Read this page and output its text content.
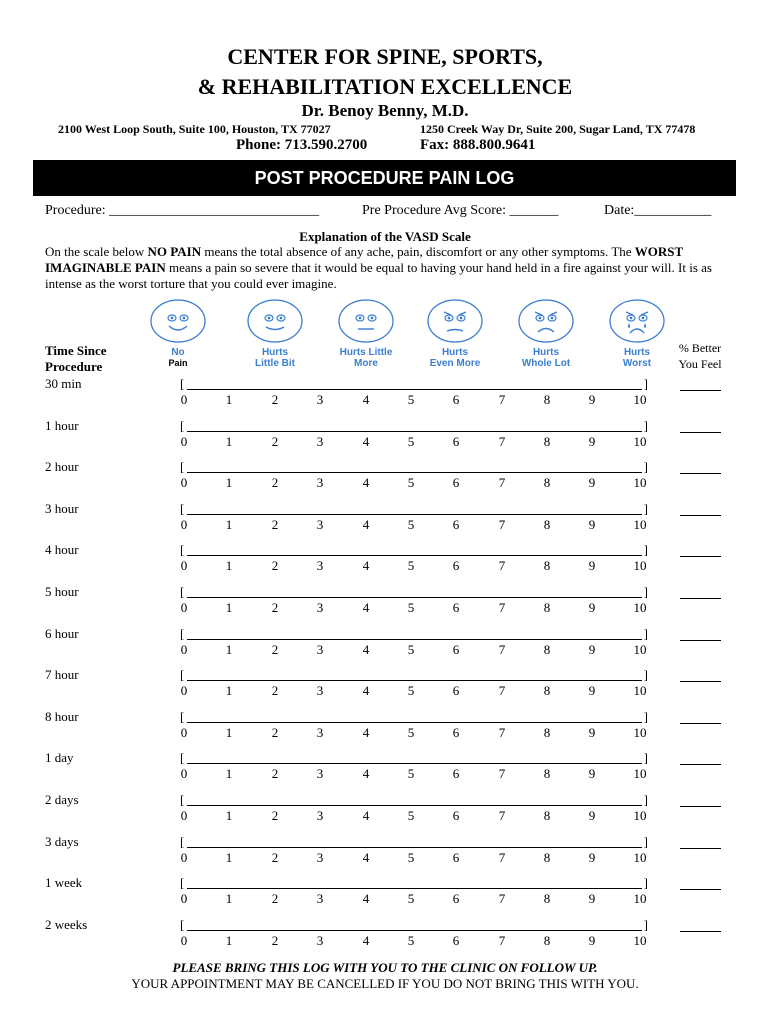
CENTER FOR SPINE, SPORTS,
& REHABILITATION EXCELLENCE
Dr. Benoy Benny, M.D.
2100 West Loop South, Suite 100, Houston, TX 77027	1250 Creek Way Dr, Suite 200, Sugar Land, TX 77478
Phone: 713.590.2700	Fax: 888.800.9641
POST PROCEDURE PAIN LOG
Procedure: ______________________________	Pre Procedure Avg Score: _______	Date:___________
Explanation of the VASD Scale
On the scale below NO PAIN means the total absence of any ache, pain, discomfort or any other symptoms. The WORST IMAGINABLE PAIN means a pain so severe that it would be equal to having your hand held in a fire against your will. It is as intense as the worst torture that you could ever imagine.
No
Pain
Hurts
Little Bit
Hurts Little
More
Hurts
Even More
Hurts
Whole Lot
Hurts
Worst
Time Since
Procedure
% Better
You Feel
30 min	[	]
0	1	2	3	4	5	6	7	8	9	10
1 hour	[	]
0	1	2	3	4	5	6	7	8	9	10
2 hour	[	]
0	1	2	3	4	5	6	7	8	9	10
3 hour	[	]
0	1	2	3	4	5	6	7	8	9	10
4 hour	[	]
0	1	2	3	4	5	6	7	8	9	10
5 hour	[	]
0	1	2	3	4	5	6	7	8	9	10
6 hour	[	]
0	1	2	3	4	5	6	7	8	9	10
7 hour	[	]
0	1	2	3	4	5	6	7	8	9	10
8 hour	[	]
0	1	2	3	4	5	6	7	8	9	10
1 day	[	]
0	1	2	3	4	5	6	7	8	9	10
2 days	[	]
0	1	2	3	4	5	6	7	8	9	10
3 days	[	]
0	1	2	3	4	5	6	7	8	9	10
1 week	[	]
0	1	2	3	4	5	6	7	8	9	10
2 weeks	[	]
0	1	2	3	4	5	6	7	8	9	10
PLEASE BRING THIS LOG WITH YOU TO THE CLINIC ON FOLLOW UP.
YOUR APPOINTMENT MAY BE CANCELLED IF YOU DO NOT BRING THIS WITH YOU.
